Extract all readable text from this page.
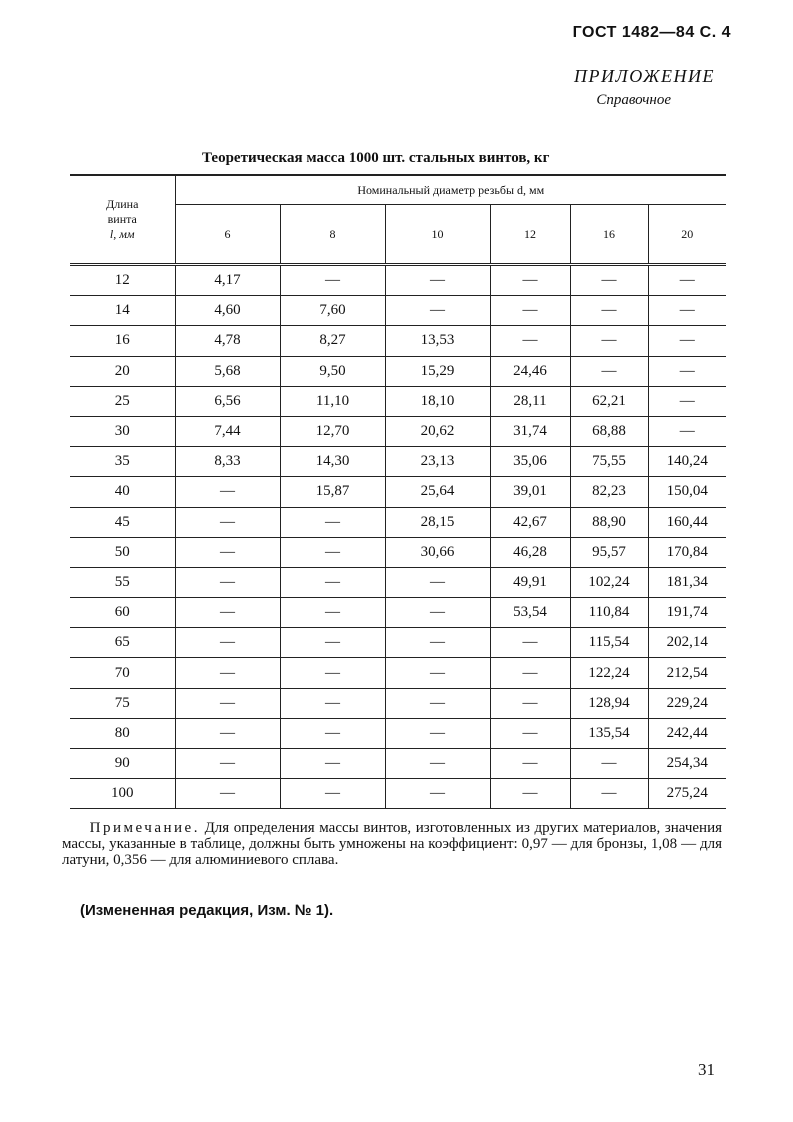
ГОСТ 1482—84 С. 4
ПРИЛОЖЕНИЕ
Справочное
Теоретическая масса 1000 шт. стальных винтов, кг
Длина
винта
l, мм	Номинальный диаметр резьбы d, мм					
	6	8	10	12	16	20
12	4,17	—	—	—	—	—
14	4,60	7,60	—	—	—	—
16	4,78	8,27	13,53	—	—	—
20	5,68	9,50	15,29	24,46	—	—
25	6,56	11,10	18,10	28,11	62,21	—
30	7,44	12,70	20,62	31,74	68,88	—
35	8,33	14,30	23,13	35,06	75,55	140,24
40	—	15,87	25,64	39,01	82,23	150,04
45	—	—	28,15	42,67	88,90	160,44
50	—	—	30,66	46,28	95,57	170,84
55	—	—	—	49,91	102,24	181,34
60	—	—	—	53,54	110,84	191,74
65	—	—	—	—	115,54	202,14
70	—	—	—	—	122,24	212,54
75	—	—	—	—	128,94	229,24
80	—	—	—	—	135,54	242,44
90	—	—	—	—	—	254,34
100	—	—	—	—	—	275,24
Примечание. Для определения массы винтов, изготовленных из других материалов, значения массы, указанные в таблице, должны быть умножены на коэффициент: 0,97 — для бронзы, 1,08 — для латуни, 0,356 — для алюминиевого сплава.
(Измененная редакция, Изм. № 1).
31
